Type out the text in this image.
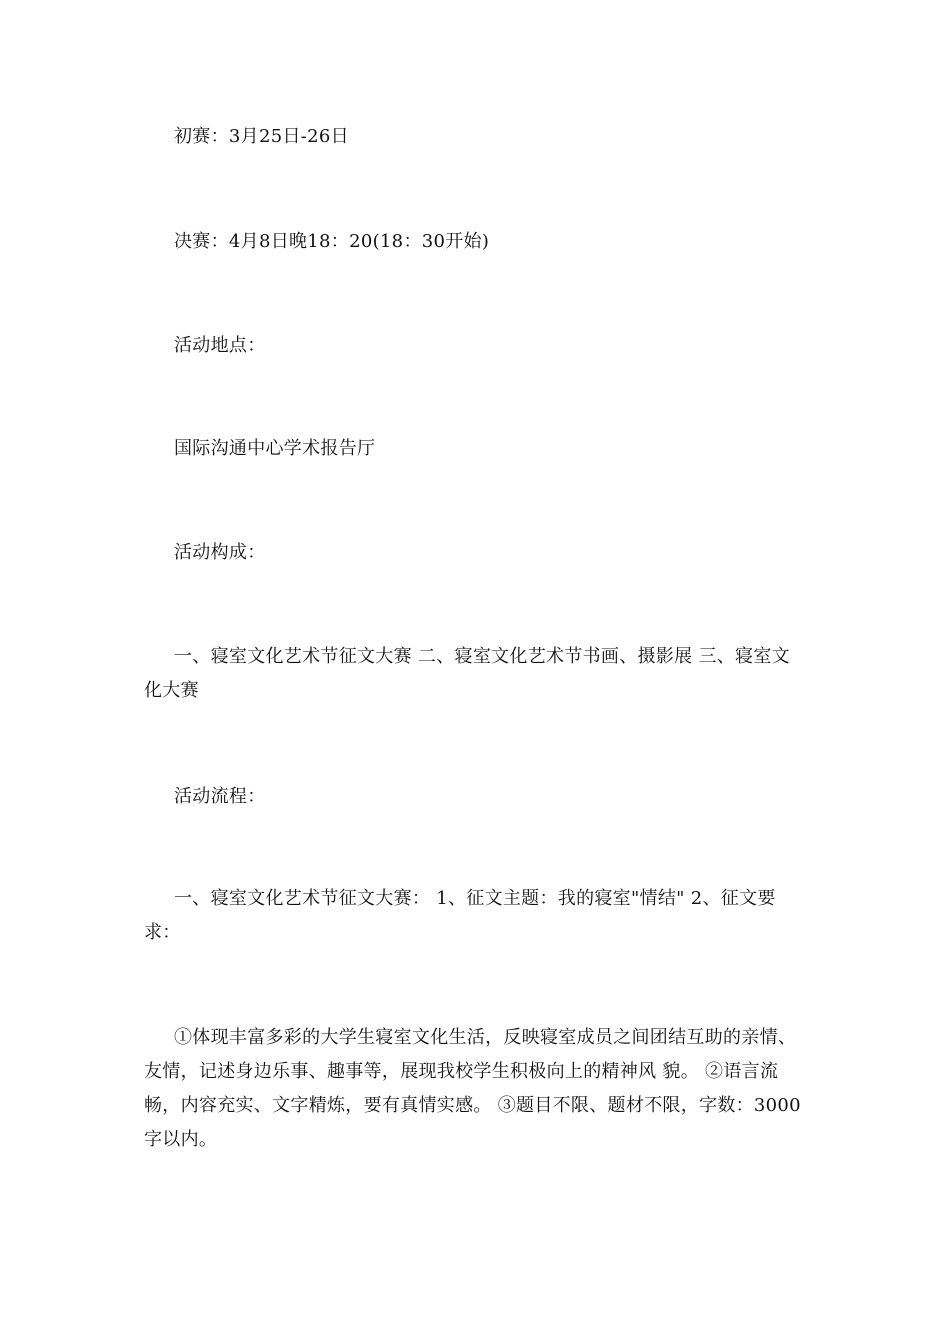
初赛：3月25日-26日

决赛：4月8日晚18：20(18：30开始)

活动地点：

国际沟通中心学术报告厅

活动构成：

一、寝室文化艺术节征文大赛 二、寝室文化艺术节书画、摄影展 三、寝室文化大赛

活动流程：

一、寝室文化艺术节征文大赛： 1、征文主题：我的寝室"情结" 2、征文要求：

①体现丰富多彩的大学生寝室文化生活，反映寝室成员之间团结互助的亲情、友情，记述身边乐事、趣事等，展现我校学生积极向上的精神风 貌。 ②语言流畅，内容充实、文字精炼，要有真情实感。 ③题目不限、题材不限，字数：3000字以内。
